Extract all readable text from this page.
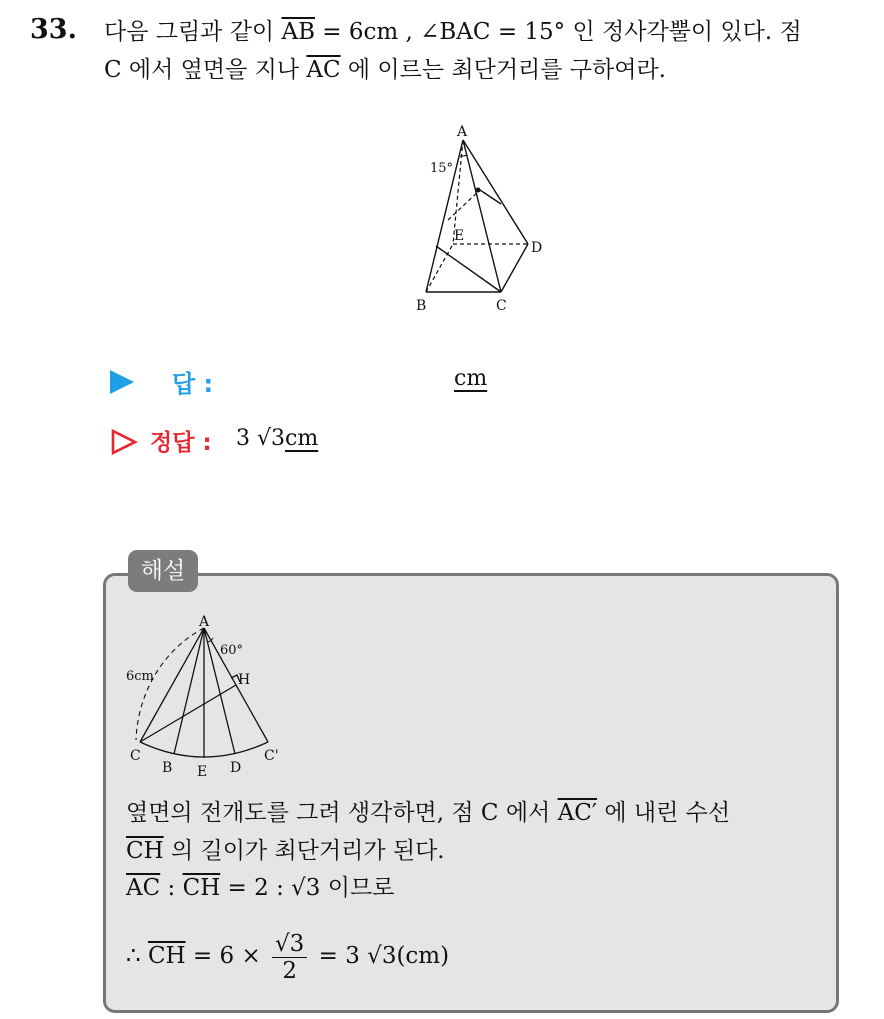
33. 다음 그림과 같이 $\overline{AB} = 6cm$ , ∠BAC = 15° 인 정사각뿔이 있다. 점
C 에서 옆면을 지나 $\overline{AC}$ 에 이르는 최단거리를 구하여라.
A
B	C
D
E
15°
답 :	cm
정답 : 3 √3cm
해설
A
C
B E D
C'
H
60°
6cm
옆면의 전개도를 그려 생각하면, 점 C 에서 AC′ 에 내린 수선
$\overline{CH}$ 의 길이가 최단거리가 된다.
$\overline{AC}$ : $\overline{CH} = 2$ : √3 이므로
∴ $\overline{CH} = 6 \times \frac{√3}{2} = 3$ √3(cm)
